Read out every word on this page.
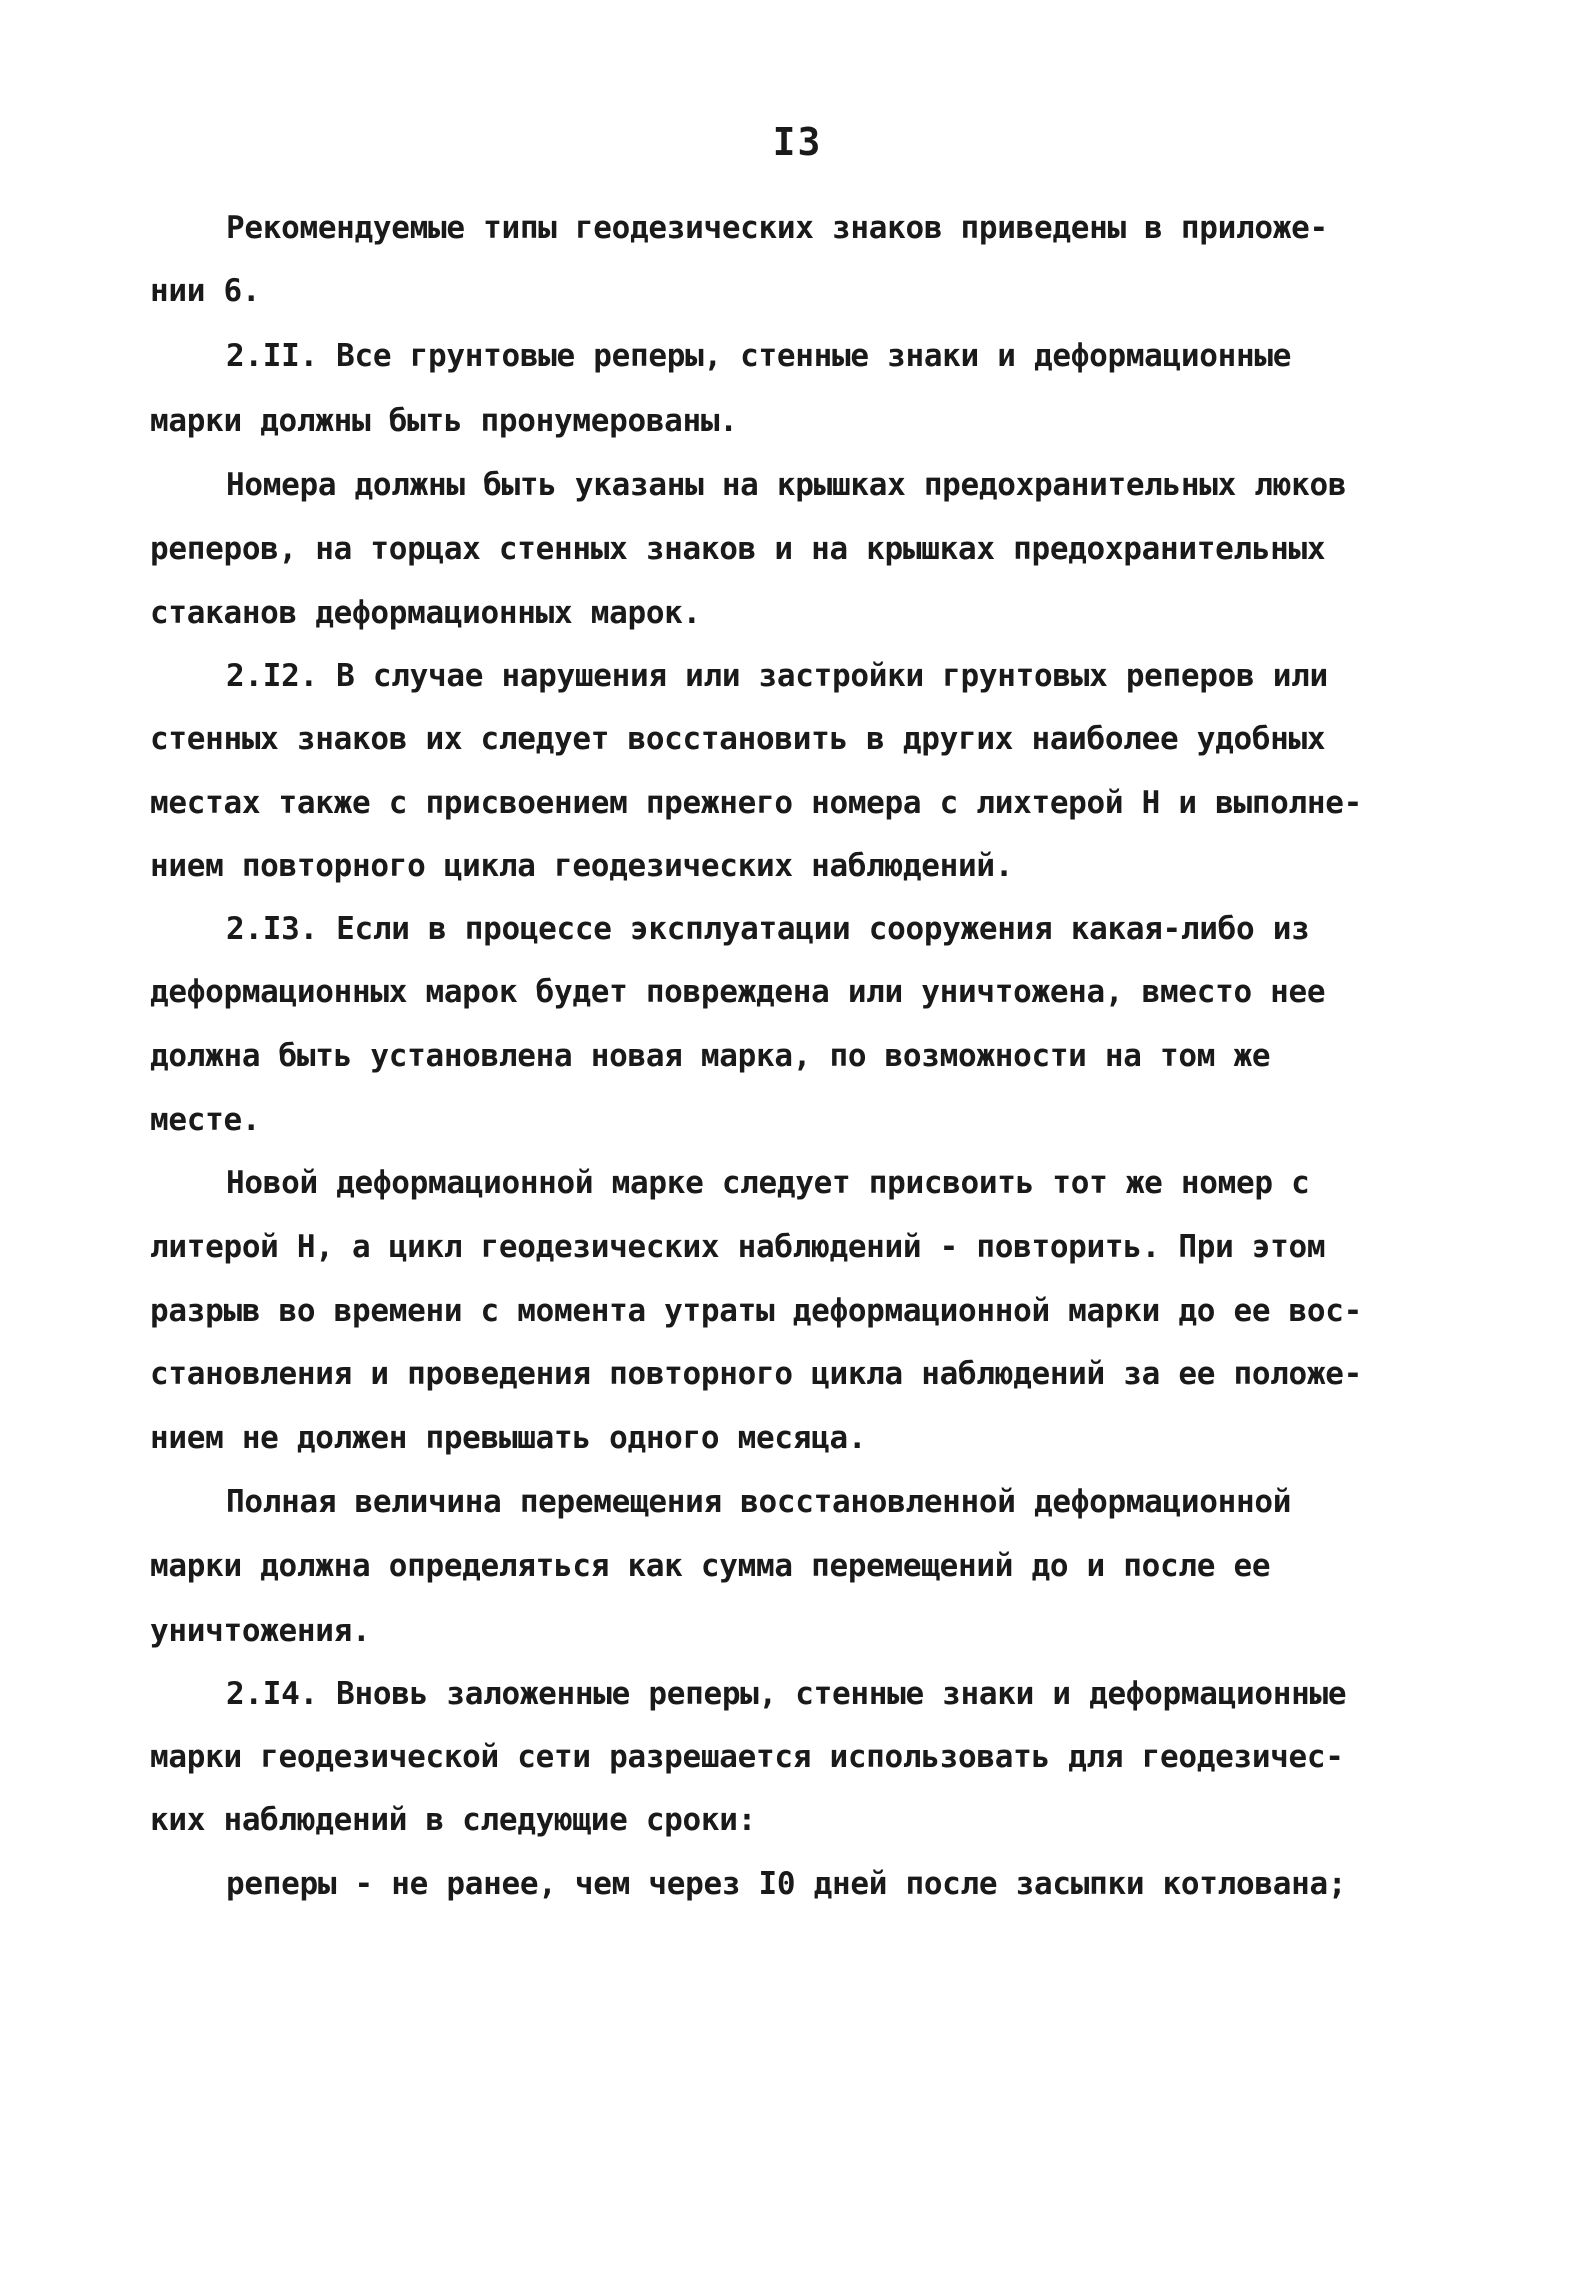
I3
Рекомендуемые типы геодезических знаков приведены в приложе-
нии 6.
2.II. Все грунтовые реперы, стенные знаки и деформационные
марки должны быть пронумерованы.
Номера должны быть указаны на крышках предохранительных люков
реперов, на торцах стенных знаков и на крышках предохранительных
стаканов деформационных марок.
2.I2. В случае нарушения или застройки грунтовых реперов или
стенных знаков их следует восстановить в других наиболее удобных
местах также с присвоением прежнего номера с лихтерой Н и выполне-
нием повторного цикла геодезических наблюдений.
2.I3. Если в процессе эксплуатации сооружения какая-либо из
деформационных марок будет повреждена или уничтожена, вместо нее
должна быть установлена новая марка, по возможности на том же
месте.
Новой деформационной марке следует присвоить тот же номер с
литерой Н, а цикл геодезических наблюдений - повторить. При этом
разрыв во времени с момента утраты деформационной марки до ее вос-
становления и проведения повторного цикла наблюдений за ее положе-
нием не должен превышать одного месяца.
Полная величина перемещения восстановленной деформационной
марки должна определяться как сумма перемещений до и после ее
уничтожения.
2.I4. Вновь заложенные реперы, стенные знаки и деформационные
марки геодезической сети разрешается использовать для геодезичес-
ких наблюдений в следующие сроки:
реперы - не ранее, чем через I0 дней после засыпки котлована;
